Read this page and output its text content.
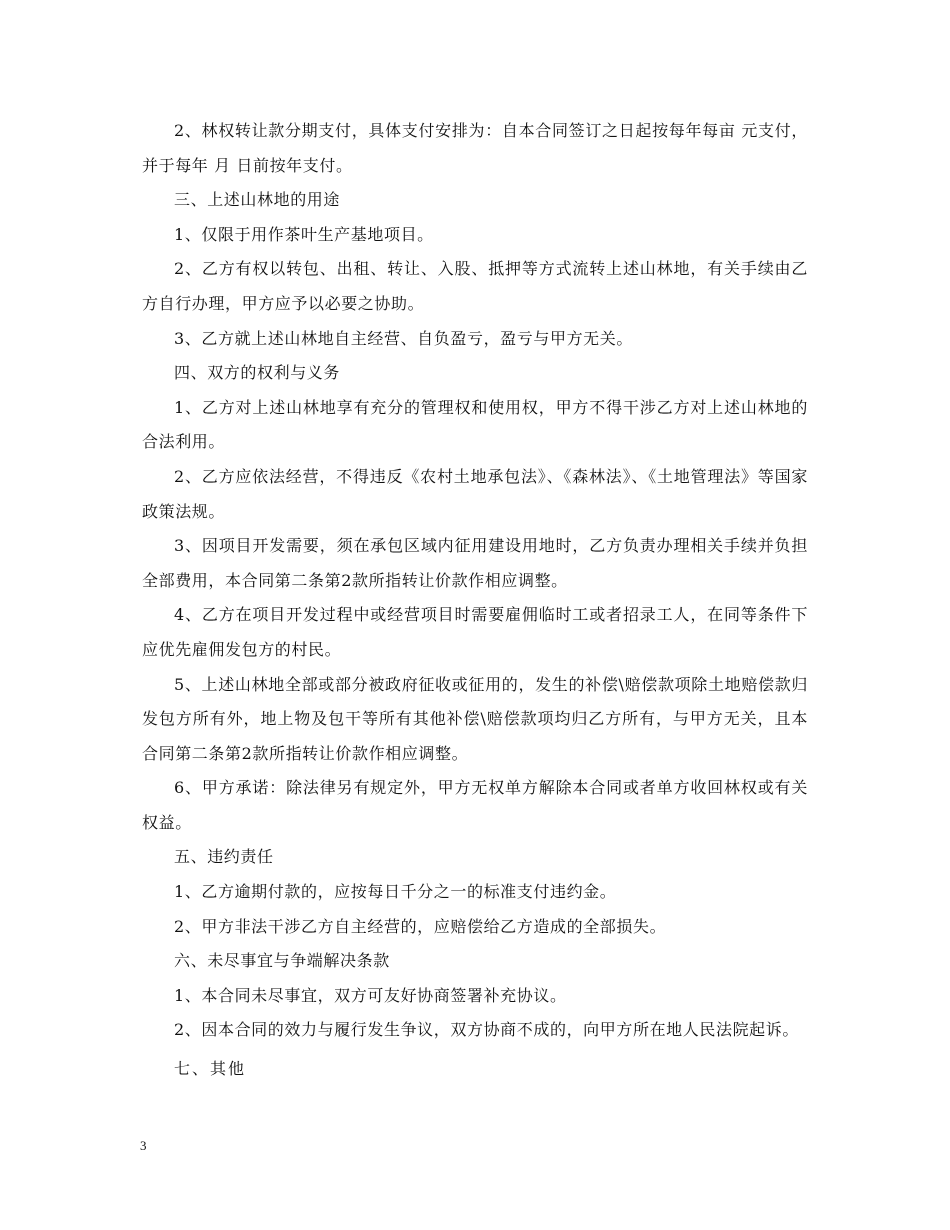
2、林权转让款分期支付，具体支付安排为：自本合同签订之日起按每年每亩 元支付，并于每年 月 日前按年支付。

三、上述山林地的用途

1、仅限于用作茶叶生产基地项目。

2、乙方有权以转包、出租、转让、入股、抵押等方式流转上述山林地，有关手续由乙方自行办理，甲方应予以必要之协助。

3、乙方就上述山林地自主经营、自负盈亏，盈亏与甲方无关。

四、双方的权利与义务

1、乙方对上述山林地享有充分的管理权和使用权，甲方不得干涉乙方对上述山林地的合法利用。

2、乙方应依法经营，不得违反《农村土地承包法》、《森林法》、《土地管理法》等国家政策法规。

3、因项目开发需要，须在承包区域内征用建设用地时，乙方负责办理相关手续并负担全部费用，本合同第二条第2款所指转让价款作相应调整。

4、乙方在项目开发过程中或经营项目时需要雇佣临时工或者招录工人，在同等条件下应优先雇佣发包方的村民。

5、上述山林地全部或部分被政府征收或征用的，发生的补偿\赔偿款项除土地赔偿款归发包方所有外，地上物及包干等所有其他补偿\赔偿款项均归乙方所有，与甲方无关，且本合同第二条第2款所指转让价款作相应调整。

6、甲方承诺：除法律另有规定外，甲方无权单方解除本合同或者单方收回林权或有关权益。

五、违约责任

1、乙方逾期付款的，应按每日千分之一的标准支付违约金。

2、甲方非法干涉乙方自主经营的，应赔偿给乙方造成的全部损失。

六、未尽事宜与争端解决条款

1、本合同未尽事宜，双方可友好协商签署补充协议。

2、因本合同的效力与履行发生争议，双方协商不成的，向甲方所在地人民法院起诉。

七、其他

3
